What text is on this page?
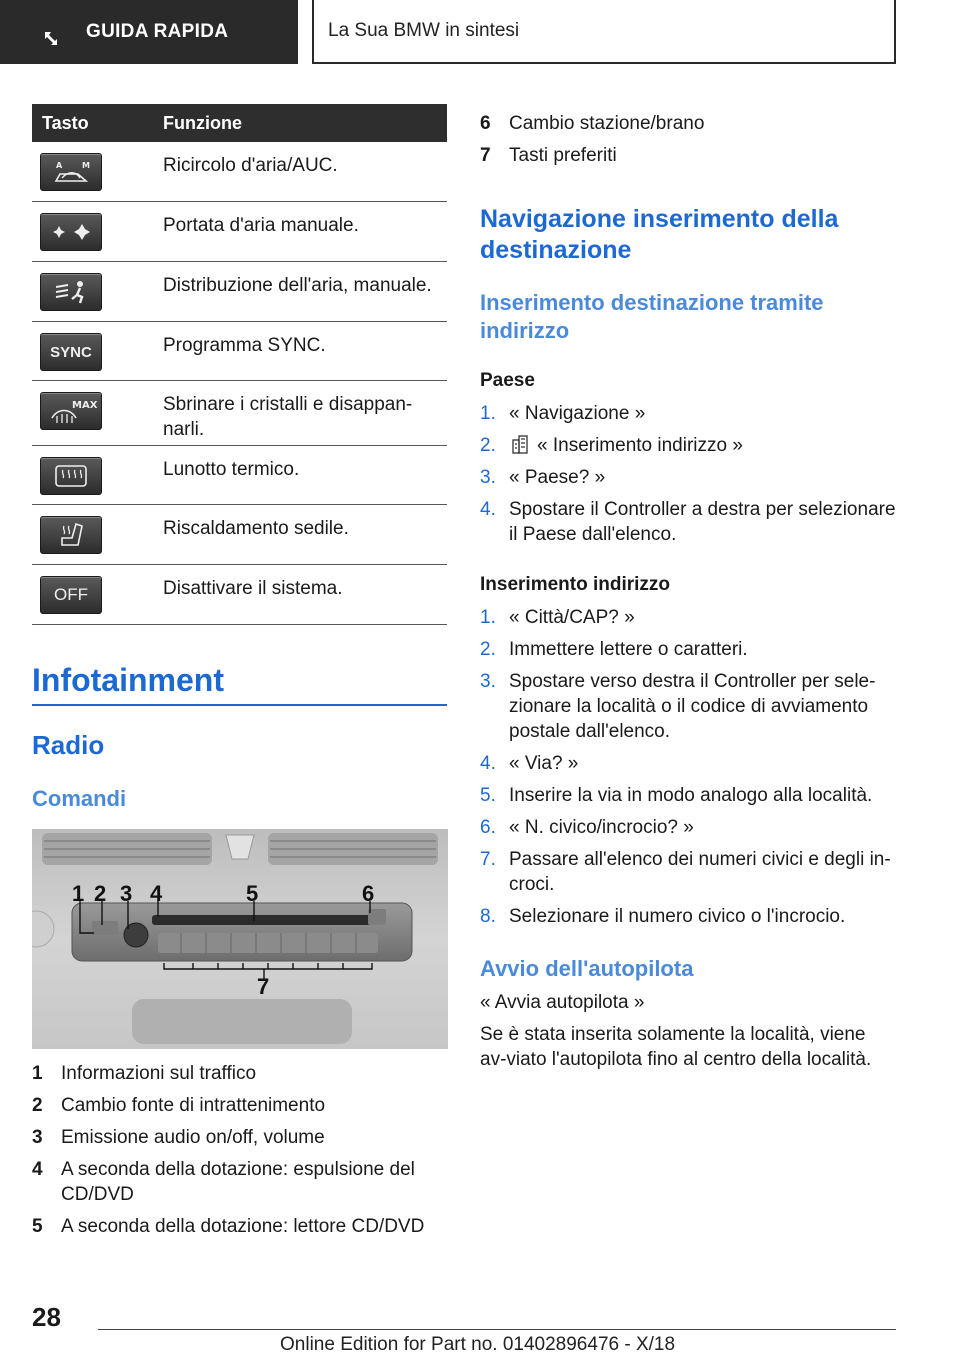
GUIDA RAPIDA	La Sua BMW in sintesi
Tasto	Funzione
A M	Ricircolo d'aria/AUC.
Portata d'aria manuale.
Distribuzione dell'aria, manuale.
SYNC	Programma SYNC.
MAX	Sbrinare i cristalli e disappan-narli.
Lunotto termico.
Riscaldamento sedile.
OFF	Disattivare il sistema.
Infotainment
Radio
Comandi
1 2 3 4	5	6
7
1 Informazioni sul traffico
2 Cambio fonte di intrattenimento
3 Emissione audio on/off, volume
4 A seconda della dotazione: espulsione del CD/DVD
5 A seconda della dotazione: lettore CD/DVD
6 Cambio stazione/brano
7 Tasti preferiti
Navigazione inserimento della destinazione
Inserimento destinazione tramite indirizzo
Paese
1. « Navigazione »
2.	« Inserimento indirizzo »
3. « Paese? »
4. Spostare il Controller a destra per selezionare il Paese dall'elenco.
Inserimento indirizzo
1. « Città/CAP? »
2. Immettere lettere o caratteri.
3. Spostare verso destra il Controller per sele-zionare la località o il codice di avviamento postale dall'elenco.
4. « Via? »
5. Inserire la via in modo analogo alla località.
6. « N. civico/incrocio? »
7. Passare all'elenco dei numeri civici e degli in-croci.
8. Selezionare il numero civico o l'incrocio.
Avvio dell'autopilota
« Avvia autopilota »
Se è stata inserita solamente la località, viene av-viato l'autopilota fino al centro della località.
28
Online Edition for Part no. 01402896476 - X/18
